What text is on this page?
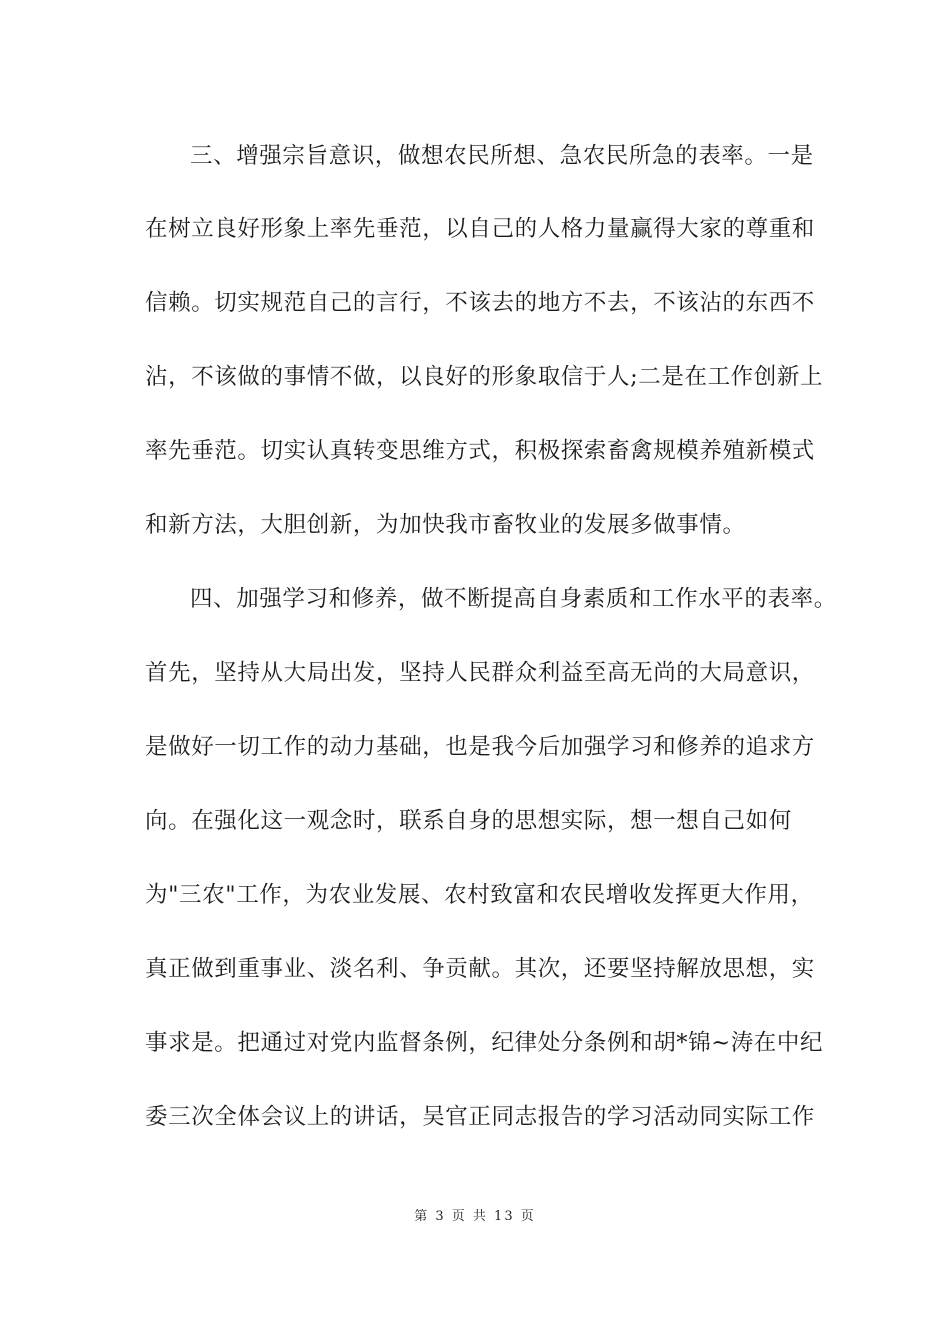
三、增强宗旨意识，做想农民所想、急农民所急的表率。一是
在树立良好形象上率先垂范，以自己的人格力量赢得大家的尊重和
信赖。切实规范自己的言行，不该去的地方不去，不该沾的东西不
沾，不该做的事情不做，以良好的形象取信于人;二是在工作创新上
率先垂范。切实认真转变思维方式，积极探索畜禽规模养殖新模式
和新方法，大胆创新，为加快我市畜牧业的发展多做事情。
四、加强学习和修养，做不断提高自身素质和工作水平的表率。
首先，坚持从大局出发，坚持人民群众利益至高无尚的大局意识，
是做好一切工作的动力基础，也是我今后加强学习和修养的追求方
向。在强化这一观念时，联系自身的思想实际，想一想自己如何
为"三农"工作，为农业发展、农村致富和农民增收发挥更大作用，
真正做到重事业、淡名利、争贡献。其次，还要坚持解放思想，实
事求是。把通过对党内监督条例，纪律处分条例和胡*锦~涛在中纪
委三次全体会议上的讲话，吴官正同志报告的学习活动同实际工作
第 3 页 共 13 页
